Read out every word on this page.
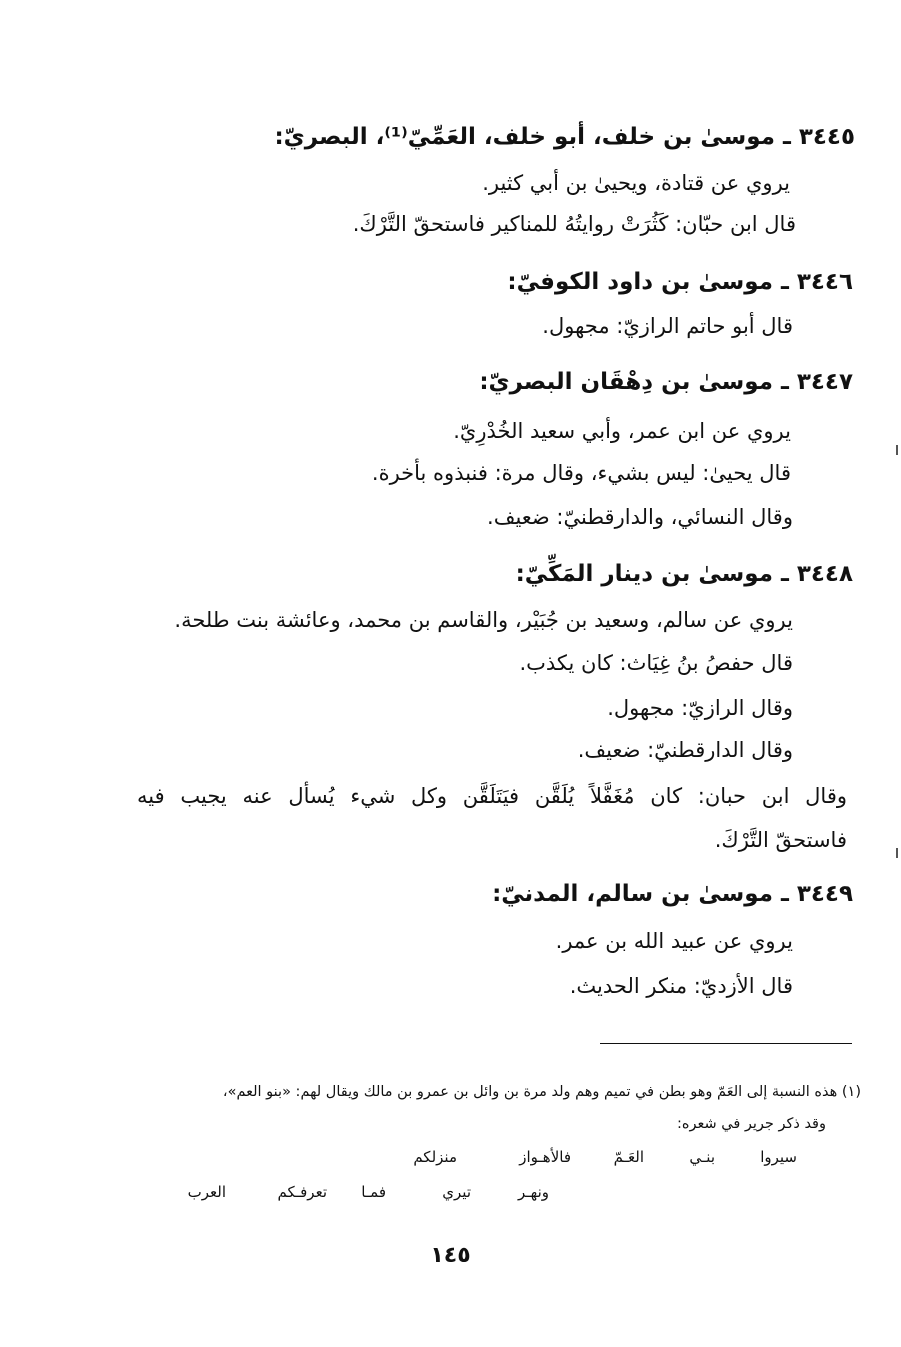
٣٤٤٥ ـ موسىٰ بن خلف، أبو خلف، العَمِّيّ⁽¹⁾، البصريّ:
يروي عن قتادة، ويحيىٰ بن أبي كثير.
قال ابن حبّان: كَثُرَتْ روايتُهُ للمناكير فاستحقّ التَّرْكَ.
٣٤٤٦ ـ موسىٰ بن داود الكوفيّ:
قال أبو حاتم الرازيّ: مجهول.
٣٤٤٧ ـ موسىٰ بن دِهْقَان البصريّ:
يروي عن ابن عمر، وأبي سعيد الخُدْرِيّ.
قال يحيىٰ: ليس بشيء، وقال مرة: فنبذوه بأخرة.
وقال النسائي، والدارقطنيّ: ضعيف.
٣٤٤٨ ـ موسىٰ بن دينار المَكِّيّ:
يروي عن سالم، وسعيد بن جُبَيْر، والقاسم بن محمد، وعائشة بنت طلحة.
قال حفصُ بنُ غِيَاث: كان يكذب.
وقال الرازيّ: مجهول.
وقال الدارقطنيّ: ضعيف.
وقال ابن حبان: كان مُغَفَّلاً يُلَقَّن فيَتَلَقَّن وكل شيء يُسأل عنه يجيب فيه
فاستحقّ التَّرْكَ.
٣٤٤٩ ـ موسىٰ بن سالم، المدنيّ:
يروي عن عبيد الله بن عمر.
قال الأزديّ: منكر الحديث.
(١) هذه النسبة إلى العَمّ وهو بطن في تميم وهم ولد مرة بن وائل بن عمرو بن مالك ويقال لهم: «بنو العم»،
وقد ذكر جرير في شعره:
سيروا
بنـي
العَـمّ
فالأهـواز
منزلكم
ونهـر
تيري
فمـا
تعرفـكم
العرب
١٤٥
